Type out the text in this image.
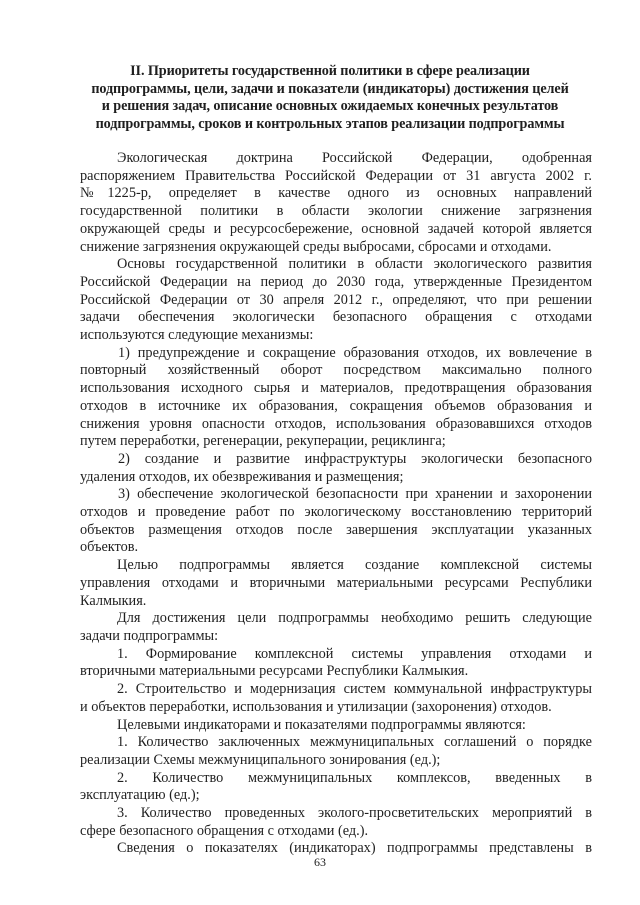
II. Приоритеты государственной политики в сфере реализации
подпрограммы, цели, задачи и показатели (индикаторы) достижения целей
и решения задач, описание основных ожидаемых конечных результатов
подпрограммы, сроков и контрольных этапов реализации подпрограммы
Экологическая доктрина Российской Федерации, одобренная
распоряжением Правительства Российской Федерации от 31 августа 2002 г.
№1225-р, определяет в качестве одного из основных направлений
государственной политики в области экологии снижение загрязнения
окружающей среды и ресурсосбережение, основной задачей которой является
снижение загрязнения окружающей среды выбросами, сбросами и отходами.
Основы государственной политики в области экологического развития
Российской Федерации на период до 2030 года, утвержденные Президентом
Российской Федерации от 30 апреля 2012 г., определяют, что при решении
задачи обеспечения экологически безопасного обращения с отходами
используются следующие механизмы:
1) предупреждение и сокращение образования отходов, их вовлечение в
повторный хозяйственный оборот посредством максимально полного
использования исходного сырья и материалов, предотвращения образования
отходов в источнике их образования, сокращения объемов образования и
снижения уровня опасности отходов, использования образовавшихся отходов
путем переработки, регенерации, рекуперации, рециклинга;
2) создание и развитие инфраструктуры экологически безопасного
удаления отходов, их обезвреживания и размещения;
3) обеспечение экологической безопасности при хранении и захоронении
отходов и проведение работ по экологическому восстановлению территорий
объектов размещения отходов после завершения эксплуатации указанных
объектов.
Целью подпрограммы является создание комплексной системы
управления отходами и вторичными материальными ресурсами Республики
Калмыкия.
Для достижения цели подпрограммы необходимо решить следующие
задачи подпрограммы:
1. Формирование комплексной системы управления отходами и
вторичными материальными ресурсами Республики Калмыкия.
2. Строительство и модернизация систем коммунальной инфраструктуры
и объектов переработки, использования и утилизации (захоронения) отходов.
Целевыми индикаторами и показателями подпрограммы являются:
1. Количество заключенных межмуниципальных соглашений о порядке
реализации Схемы межмуниципального зонирования (ед.);
2. Количество межмуниципальных комплексов, введенных в
эксплуатацию (ед.);
3. Количество проведенных эколого-просветительских мероприятий в
сфере безопасного обращения с отходами (ед.).
Сведения о показателях (индикаторах) подпрограммы представлены в
63
